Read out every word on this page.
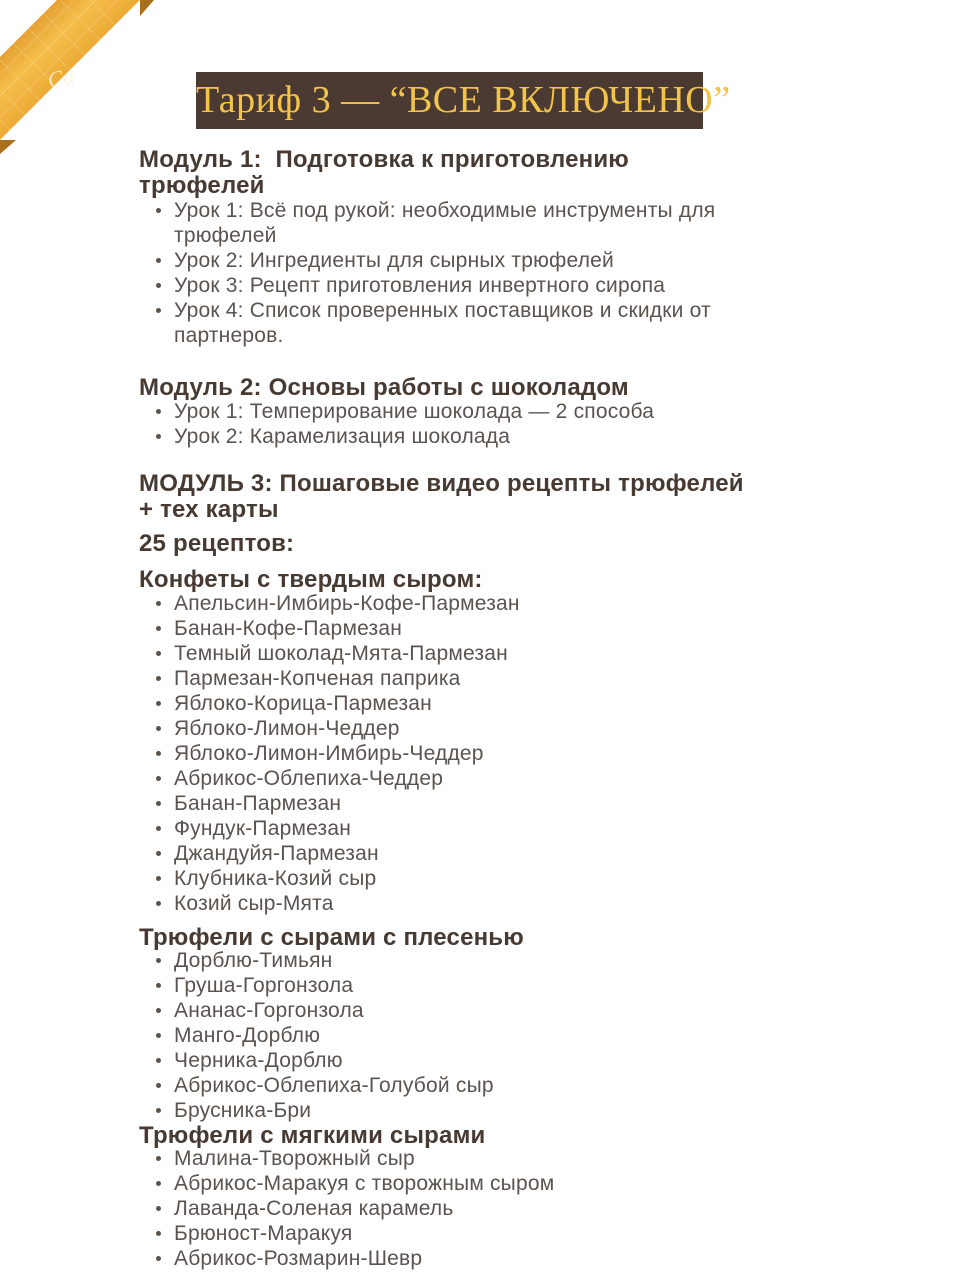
Ca
Тариф 3 — “ВСЕ ВКЛЮЧЕНО”
Модуль 1:  Подготовка к приготовлению трюфелей
Урок 1: Всё под рукой: необходимые инструменты для трюфелей
Урок 2: Ингредиенты для сырных трюфелей
Урок 3: Рецепт приготовления инвертного сиропа
Урок 4: Список проверенных поставщиков и скидки от партнеров.
Модуль 2: Основы работы с шоколадом
Урок 1: Темперирование шоколада — 2 способа
Урок 2: Карамелизация шоколада
МОДУЛЬ 3: Пошаговые видео рецепты трюфелей + тех карты
25 рецептов:
Конфеты с твердым сыром:
Апельсин-Имбирь-Кофе-Пармезан
Банан-Кофе-Пармезан
Темный шоколад-Мята-Пармезан
Пармезан-Копченая паприка
Яблоко-Корица-Пармезан
Яблоко-Лимон-Чеддер
Яблоко-Лимон-Имбирь-Чеддер
Абрикос-Облепиха-Чеддер
Банан-Пармезан
Фундук-Пармезан
Джандуйя-Пармезан
Клубника-Козий сыр
Козий сыр-Мята
Трюфели с сырами с плесенью
Дорблю-Тимьян
Груша-Горгонзола
Ананас-Горгонзола
Манго-Дорблю
Черника-Дорблю
Абрикос-Облепиха-Голубой сыр
Брусника-Бри
Трюфели с мягкими сырами
Малина-Творожный сыр
Абрикос-Маракуя с творожным сыром
Лаванда-Соленая карамель
Брюност-Маракуя
Абрикос-Розмарин-Шевр
